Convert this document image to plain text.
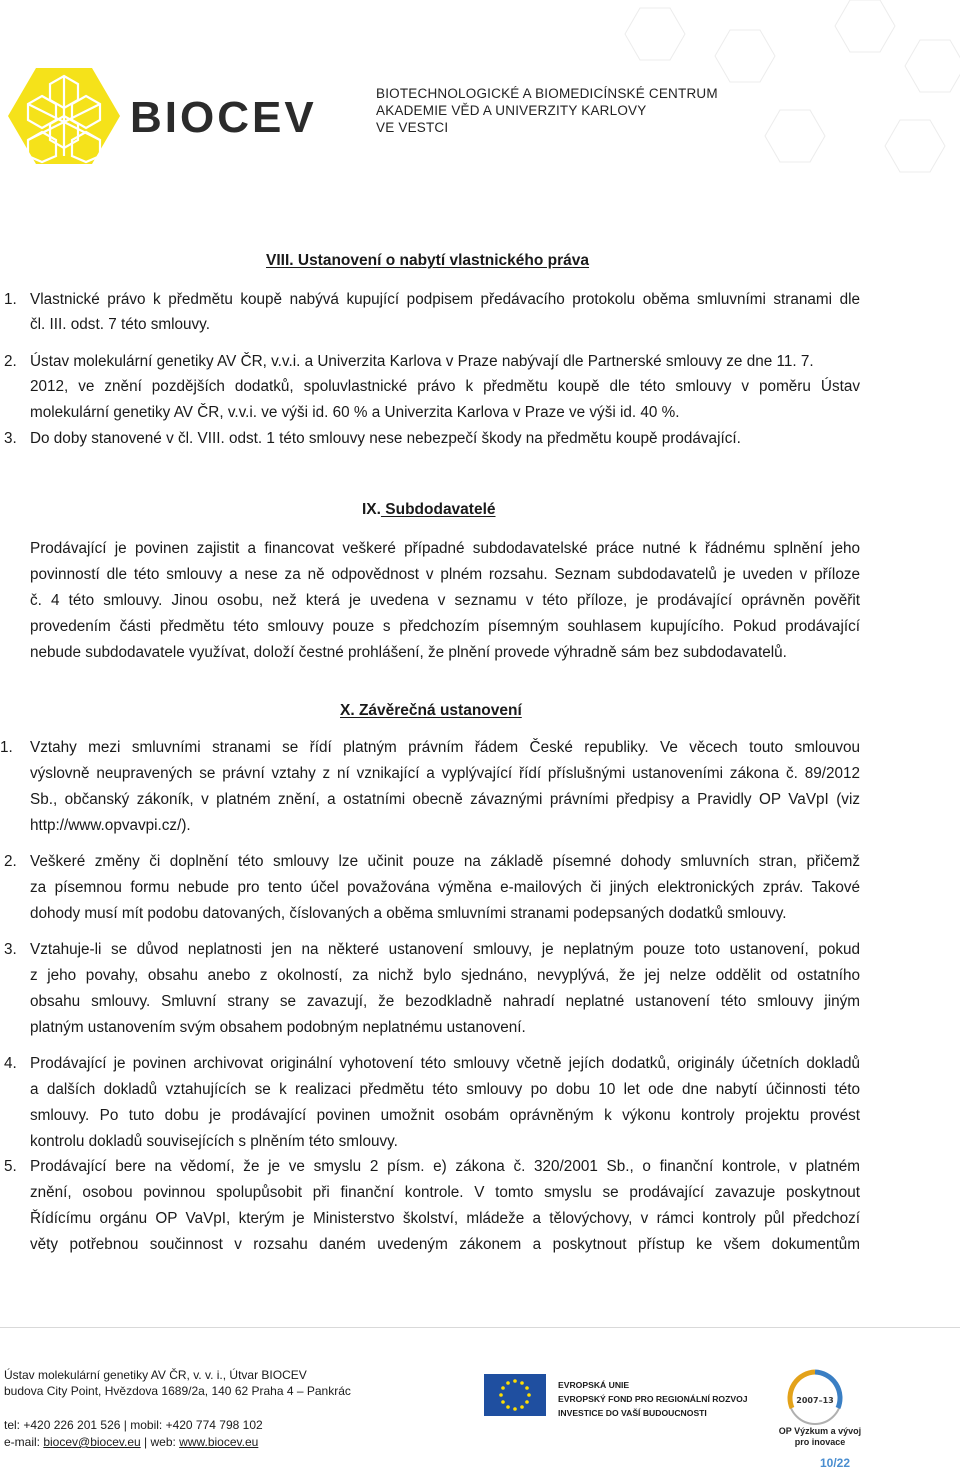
BIOCEV	BIOTECHNOLOGICKÉ A BIOMEDICÍNSKÉ CENTRUM
AKADEMIE VĚD A UNIVERZITY KARLOVY
VE VESTCI
VIII. Ustanovení o nabytí vlastnického práva
1. Vlastnické právo k předmětu koupě nabývá kupující podpisem předávacího protokolu oběma smluvními stranami dle
čl. III. odst. 7 této smlouvy.
2. Ústav molekulární genetiky AV ČR, v.v.i. a Univerzita Karlova v Praze nabývají dle Partnerské smlouvy ze dne 11. 7.
2012, ve znění pozdějších dodatků, spoluvlastnické právo k předmětu koupě dle této smlouvy v poměru Ústav
molekulární genetiky AV ČR, v.v.i. ve výši id. 60 % a Univerzita Karlova v Praze ve výši id. 40 %.
3. Do doby stanovené v čl. VIII. odst. 1 této smlouvy nese nebezpečí škody na předmětu koupě prodávající.
IX. Subdodavatelé
Prodávající je povinen zajistit a financovat veškeré případné subdodavatelské práce nutné k řádnému splnění jeho
povinností dle této smlouvy a nese za ně odpovědnost v plném rozsahu. Seznam subdodavatelů je uveden v příloze
č. 4 této smlouvy. Jinou osobu, než která je uvedena v seznamu v této příloze, je prodávající oprávněn pověřit
provedením části předmětu této smlouvy pouze s předchozím písemným souhlasem kupujícího. Pokud prodávající
nebude subdodavatele využívat, doloží čestné prohlášení, že plnění provede výhradně sám bez subdodavatelů.
X. Závěrečná ustanovení
1. Vztahy mezi smluvními stranami se řídí platným právním řádem České republiky. Ve věcech touto smlouvou
výslovně neupravených se právní vztahy z ní vznikající a vyplývající řídí příslušnými ustanoveními zákona č. 89/2012
Sb., občanský zákoník, v platném znění, a ostatními obecně závaznými právními předpisy a Pravidly OP VaVpI (viz
http://www.opvavpi.cz/).
2. Veškeré změny či doplnění této smlouvy lze učinit pouze na základě písemné dohody smluvních stran, přičemž
za písemnou formu nebude pro tento účel považována výměna e-mailových či jiných elektronických zpráv. Takové
dohody musí mít podobu datovaných, číslovaných a oběma smluvními stranami podepsaných dodatků smlouvy.
3. Vztahuje-li se důvod neplatnosti jen na některé ustanovení smlouvy, je neplatným pouze toto ustanovení, pokud
z jeho povahy, obsahu anebo z okolností, za nichž bylo sjednáno, nevyplývá, že jej nelze oddělit od ostatního
obsahu smlouvy. Smluvní strany se zavazují, že bezodkladně nahradí neplatné ustanovení této smlouvy jiným
platným ustanovením svým obsahem podobným neplatnému ustanovení.
4. Prodávající je povinen archivovat originální vyhotovení této smlouvy včetně jejích dodatků, originály účetních dokladů
a dalších dokladů vztahujících se k realizaci předmětu této smlouvy po dobu 10 let ode dne nabytí účinnosti této
smlouvy. Po tuto dobu je prodávající povinen umožnit osobám oprávněným k výkonu kontroly projektu provést
kontrolu dokladů souvisejících s plněním této smlouvy.
5. Prodávající bere na vědomí, že je ve smyslu 2 písm. e) zákona č. 320/2001 Sb., o finanční kontrole, v platném
znění, osobou povinnou spolupůsobit při finanční kontrole. V tomto smyslu se prodávající zavazuje poskytnout
Řídícímu orgánu OP VaVpI, kterým je Ministerstvo školství, mládeže a tělovýchovy, v rámci kontroly půl předchozí
věty potřebnou součinnost v rozsahu daném uvedeným zákonem a poskytnout přístup ke všem dokumentům
Ústav molekulární genetiky AV ČR, v. v. i., Útvar BIOCEV
budova City Point, Hvězdova 1689/2a, 140 62 Praha 4 – Pankrác
tel: +420 226 201 526 | mobil: +420 774 798 102
e-mail: biocev@biocev.eu | web: www.biocev.eu
EVROPSKÁ UNIE
EVROPSKÝ FOND PRO REGIONÁLNÍ ROZVOJ
INVESTICE DO VAŠÍ BUDOUCNOSTI
2007–13
OP Výzkum a vývoj
pro inovace
10/22
